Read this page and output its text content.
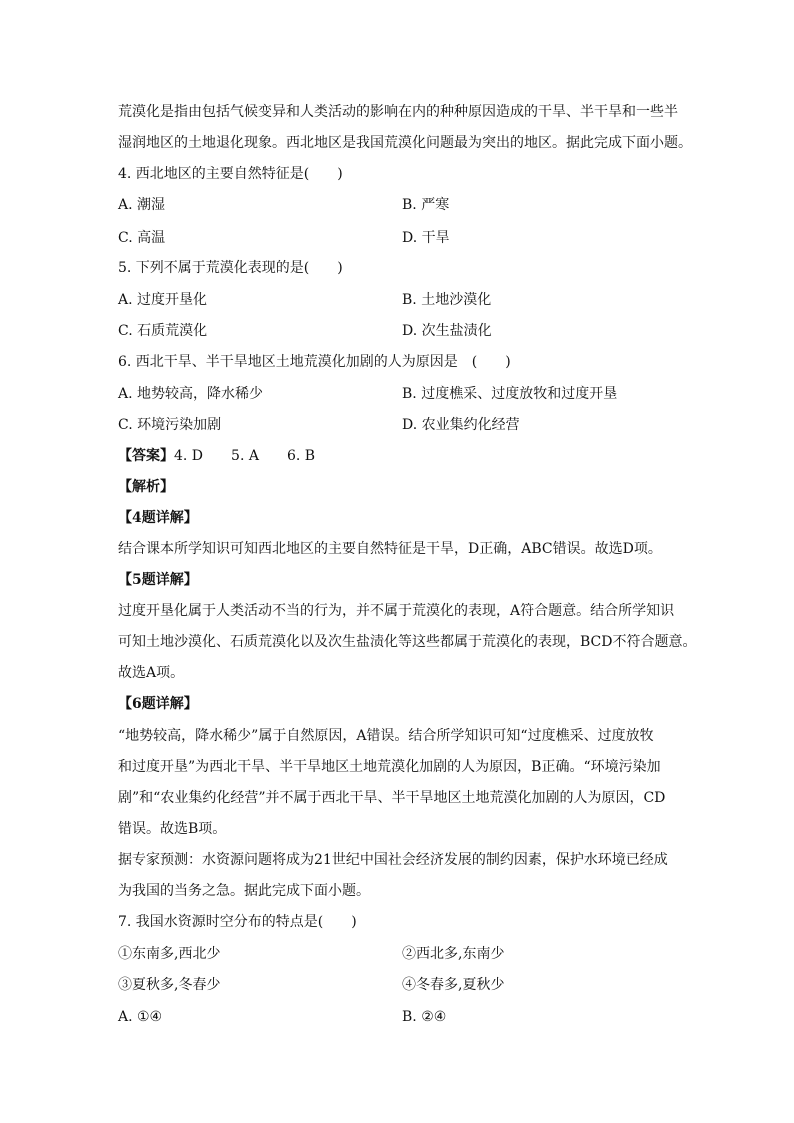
荒漠化是指由包括气候变异和人类活动的影响在内的种种原因造成的干旱、半干旱和一些半
湿润地区的土地退化现象。西北地区是我国荒漠化问题最为突出的地区。据此完成下面小题。
4. 西北地区的主要自然特征是(　　)
A. 潮湿	B. 严寒
C. 高温	D. 干旱
5. 下列不属于荒漠化表现的是(　　)
A. 过度开垦化	B. 土地沙漠化
C. 石质荒漠化	D. 次生盐渍化
6. 西北干旱、半干旱地区土地荒漠化加剧的人为原因是　(　　)
A. 地势较高，降水稀少	B. 过度樵采、过度放牧和过度开垦
C. 环境污染加剧	D. 农业集约化经营
【答案】4. D　　5. A　　6. B
【解析】
【4题详解】
结合课本所学知识可知西北地区的主要自然特征是干旱，D正确，ABC错误。故选D项。
【5题详解】
过度开垦化属于人类活动不当的行为，并不属于荒漠化的表现，A符合题意。结合所学知识
可知土地沙漠化、石质荒漠化以及次生盐渍化等这些都属于荒漠化的表现，BCD不符合题意。
故选A项。
【6题详解】
“地势较高，降水稀少”属于自然原因，A错误。结合所学知识可知“过度樵采、过度放牧
和过度开垦”为西北干旱、半干旱地区土地荒漠化加剧的人为原因，B正确。“环境污染加
剧”和“农业集约化经营”并不属于西北干旱、半干旱地区土地荒漠化加剧的人为原因，CD
错误。故选B项。
据专家预测：水资源问题将成为21世纪中国社会经济发展的制约因素，保护水环境已经成
为我国的当务之急。据此完成下面小题。
7. 我国水资源时空分布的特点是(　　)
①东南多,西北少	②西北多,东南少
③夏秋多,冬春少	④冬春多,夏秋少
A. ①④	B. ②④
